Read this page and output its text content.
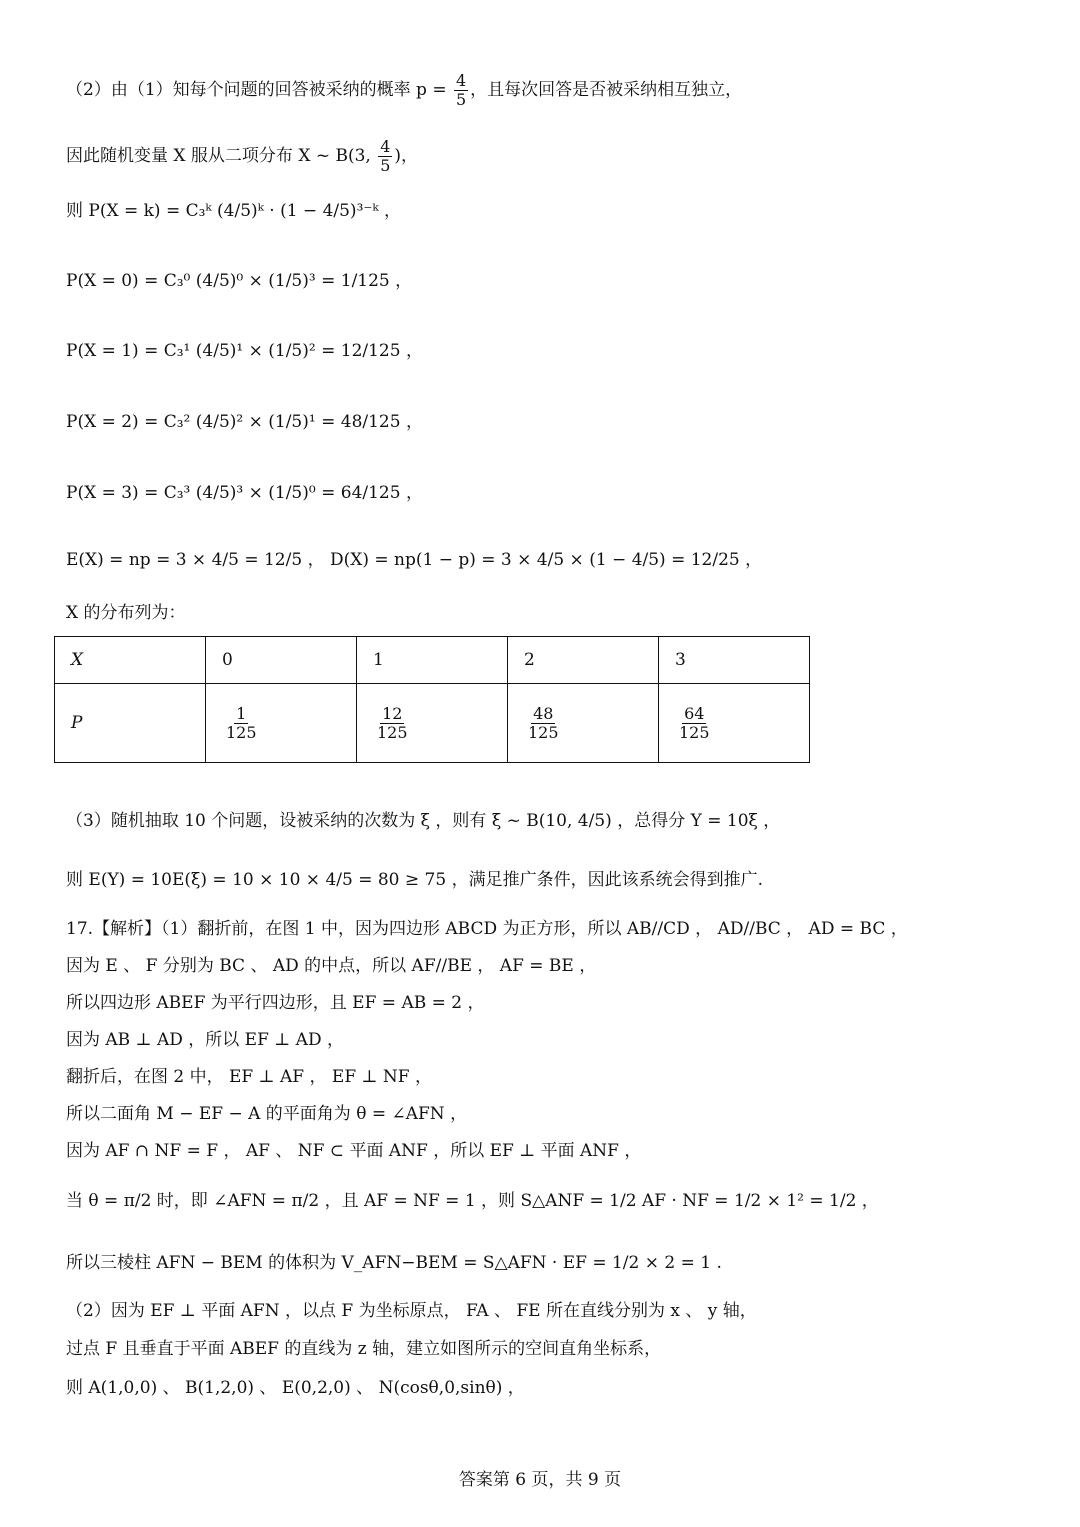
（2）由（1）知每个问题的回答被采纳的概率 $p = \frac{4}{5}$ ，且每次回答是否被采纳相互独立，
因此随机变量 X 服从二项分布 X ~ B(3, $\frac{4}{5}$ )，
则 P(X = k) = C₃ᵏ (4/5)ᵏ · (1 − 4/5)³⁻ᵏ ，
P(X = 0) = C₃⁰ (4/5)⁰ × (1/5)³ = 1/125 ，
P(X = 1) = C₃¹ (4/5)¹ × (1/5)² = 12/125 ，
P(X = 2) = C₃² (4/5)² × (1/5)¹ = 48/125 ，
P(X = 3) = C₃³ (4/5)³ × (1/5)⁰ = 64/125 ，
E(X) = np = 3 × 4/5 = 12/5 ， D(X) = np(1 − p) = 3 × 4/5 × (1 − 4/5) = 12/25 ，
X 的分布列为：
X	0	1	2	3
P	$\frac{1}{125}$	$\frac{12}{125}$	$\frac{48}{125}$	$\frac{64}{125}$
（3）随机抽取 10 个问题，设被采纳的次数为 ξ ，则有 ξ ~ B(10, 4/5) ，总得分 Y = 10ξ ，
则 E(Y) = 10E(ξ) = 10 × 10 × 4/5 = 80 ≥ 75 ，满足推广条件，因此该系统会得到推广.
17.【解析】（1）翻折前，在图 1 中，因为四边形 ABCD 为正方形，所以 AB//CD ， AD//BC ， AD = BC ，
因为 E 、 F 分别为 BC 、 AD 的中点，所以 AF//BE ， AF = BE ，
所以四边形 ABEF 为平行四边形，且 EF = AB = 2 ，
因为 AB ⊥ AD ，所以 EF ⊥ AD ，
翻折后，在图 2 中， EF ⊥ AF ， EF ⊥ NF ，
所以二面角 M − EF − A 的平面角为 θ = ∠AFN ，
因为 AF ∩ NF = F ， AF 、 NF ⊂ 平面 ANF ，所以 EF ⊥ 平面 ANF ，
当 θ = π/2 时，即 ∠AFN = π/2 ，且 AF = NF = 1 ，则 S△ANF = 1/2 AF · NF = 1/2 × 1² = 1/2 ，
所以三棱柱 AFN − BEM 的体积为 V_AFN−BEM = S△AFN · EF = 1/2 × 2 = 1 .
（2）因为 EF ⊥ 平面 AFN ，以点 F 为坐标原点， FA 、 FE 所在直线分别为 x 、 y 轴，
过点 F 且垂直于平面 ABEF 的直线为 z 轴，建立如图所示的空间直角坐标系，
则 A(1,0,0) 、 B(1,2,0) 、 E(0,2,0) 、 N(cosθ,0,sinθ) ，
答案第 6 页，共 9 页
